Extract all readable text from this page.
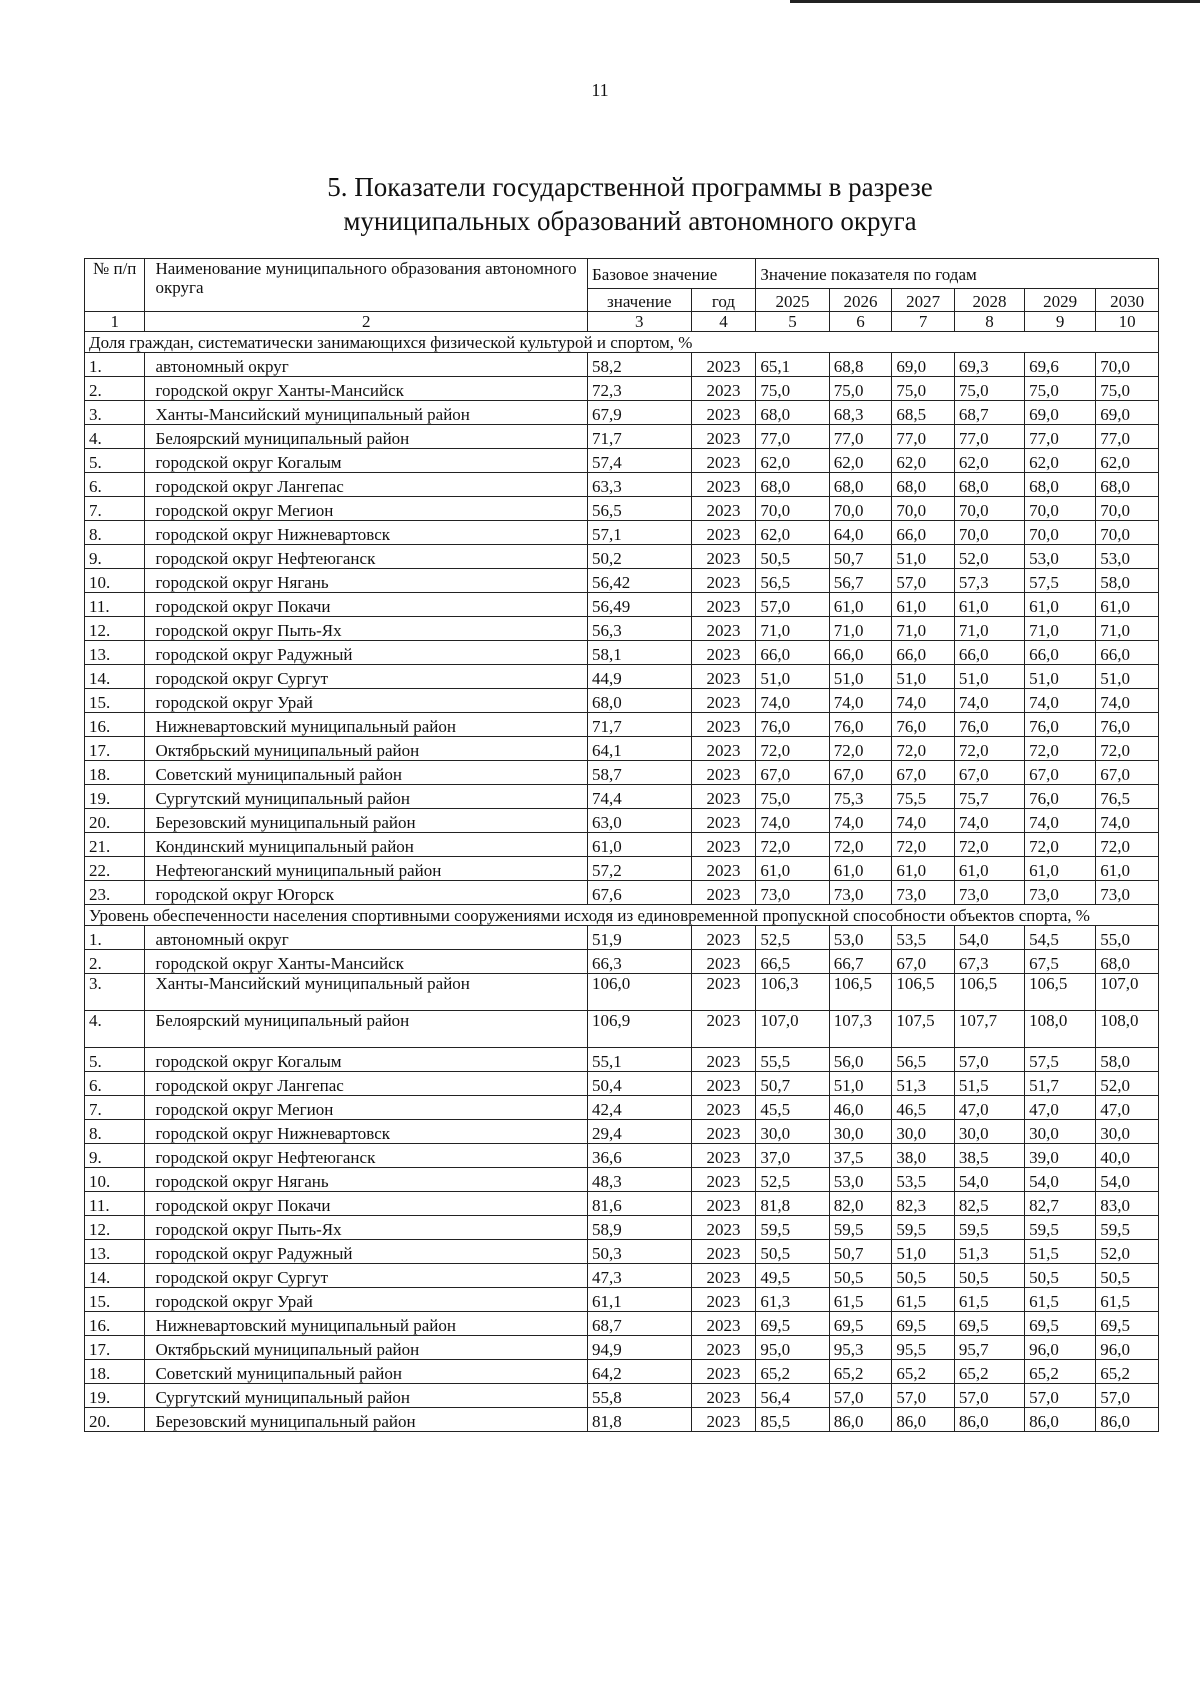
11
5. Показатели государственной программы в разрезе
муниципальных образований автономного округа
№ п/п	Наименование муниципального образования автономного округа	Базовое значение		Значение показателя по годам					
		значение	год	2025	2026	2027	2028	2029	2030
1	2	3	4	5	6	7	8	9	10
Доля граждан, систематически занимающихся физической культурой и спортом, %									
1.	автономный округ	58,2	2023	65,1	68,8	69,0	69,3	69,6	70,0
2.	городской округ Ханты-Мансийск	72,3	2023	75,0	75,0	75,0	75,0	75,0	75,0
3.	Ханты-Мансийский муниципальный район	67,9	2023	68,0	68,3	68,5	68,7	69,0	69,0
4.	Белоярский муниципальный район	71,7	2023	77,0	77,0	77,0	77,0	77,0	77,0
5.	городской округ Когалым	57,4	2023	62,0	62,0	62,0	62,0	62,0	62,0
6.	городской округ Лангепас	63,3	2023	68,0	68,0	68,0	68,0	68,0	68,0
7.	городской округ Мегион	56,5	2023	70,0	70,0	70,0	70,0	70,0	70,0
8.	городской округ Нижневартовск	57,1	2023	62,0	64,0	66,0	70,0	70,0	70,0
9.	городской округ Нефтеюганск	50,2	2023	50,5	50,7	51,0	52,0	53,0	53,0
10.	городской округ Нягань	56,42	2023	56,5	56,7	57,0	57,3	57,5	58,0
11.	городской округ Покачи	56,49	2023	57,0	61,0	61,0	61,0	61,0	61,0
12.	городской округ Пыть-Ях	56,3	2023	71,0	71,0	71,0	71,0	71,0	71,0
13.	городской округ Радужный	58,1	2023	66,0	66,0	66,0	66,0	66,0	66,0
14.	городской округ Сургут	44,9	2023	51,0	51,0	51,0	51,0	51,0	51,0
15.	городской округ Урай	68,0	2023	74,0	74,0	74,0	74,0	74,0	74,0
16.	Нижневартовский муниципальный район	71,7	2023	76,0	76,0	76,0	76,0	76,0	76,0
17.	Октябрьский муниципальный район	64,1	2023	72,0	72,0	72,0	72,0	72,0	72,0
18.	Советский муниципальный район	58,7	2023	67,0	67,0	67,0	67,0	67,0	67,0
19.	Сургутский муниципальный район	74,4	2023	75,0	75,3	75,5	75,7	76,0	76,5
20.	Березовский муниципальный район	63,0	2023	74,0	74,0	74,0	74,0	74,0	74,0
21.	Кондинский муниципальный район	61,0	2023	72,0	72,0	72,0	72,0	72,0	72,0
22.	Нефтеюганский муниципальный район	57,2	2023	61,0	61,0	61,0	61,0	61,0	61,0
23.	городской округ Югорск	67,6	2023	73,0	73,0	73,0	73,0	73,0	73,0
Уровень обеспеченности населения спортивными сооружениями исходя из единовременной пропускной способности объектов спорта, %									
1.	автономный округ	51,9	2023	52,5	53,0	53,5	54,0	54,5	55,0
2.	городской округ Ханты-Мансийск	66,3	2023	66,5	66,7	67,0	67,3	67,5	68,0
3.	Ханты-Мансийский муниципальный район	106,0	2023	106,3	106,5	106,5	106,5	106,5	107,0
4.	Белоярский муниципальный район	106,9	2023	107,0	107,3	107,5	107,7	108,0	108,0
5.	городской округ Когалым	55,1	2023	55,5	56,0	56,5	57,0	57,5	58,0
6.	городской округ Лангепас	50,4	2023	50,7	51,0	51,3	51,5	51,7	52,0
7.	городской округ Мегион	42,4	2023	45,5	46,0	46,5	47,0	47,0	47,0
8.	городской округ Нижневартовск	29,4	2023	30,0	30,0	30,0	30,0	30,0	30,0
9.	городской округ Нефтеюганск	36,6	2023	37,0	37,5	38,0	38,5	39,0	40,0
10.	городской округ Нягань	48,3	2023	52,5	53,0	53,5	54,0	54,0	54,0
11.	городской округ Покачи	81,6	2023	81,8	82,0	82,3	82,5	82,7	83,0
12.	городской округ Пыть-Ях	58,9	2023	59,5	59,5	59,5	59,5	59,5	59,5
13.	городской округ Радужный	50,3	2023	50,5	50,7	51,0	51,3	51,5	52,0
14.	городской округ Сургут	47,3	2023	49,5	50,5	50,5	50,5	50,5	50,5
15.	городской округ Урай	61,1	2023	61,3	61,5	61,5	61,5	61,5	61,5
16.	Нижневартовский муниципальный район	68,7	2023	69,5	69,5	69,5	69,5	69,5	69,5
17.	Октябрьский муниципальный район	94,9	2023	95,0	95,3	95,5	95,7	96,0	96,0
18.	Советский муниципальный район	64,2	2023	65,2	65,2	65,2	65,2	65,2	65,2
19.	Сургутский муниципальный район	55,8	2023	56,4	57,0	57,0	57,0	57,0	57,0
20.	Березовский муниципальный район	81,8	2023	85,5	86,0	86,0	86,0	86,0	86,0
